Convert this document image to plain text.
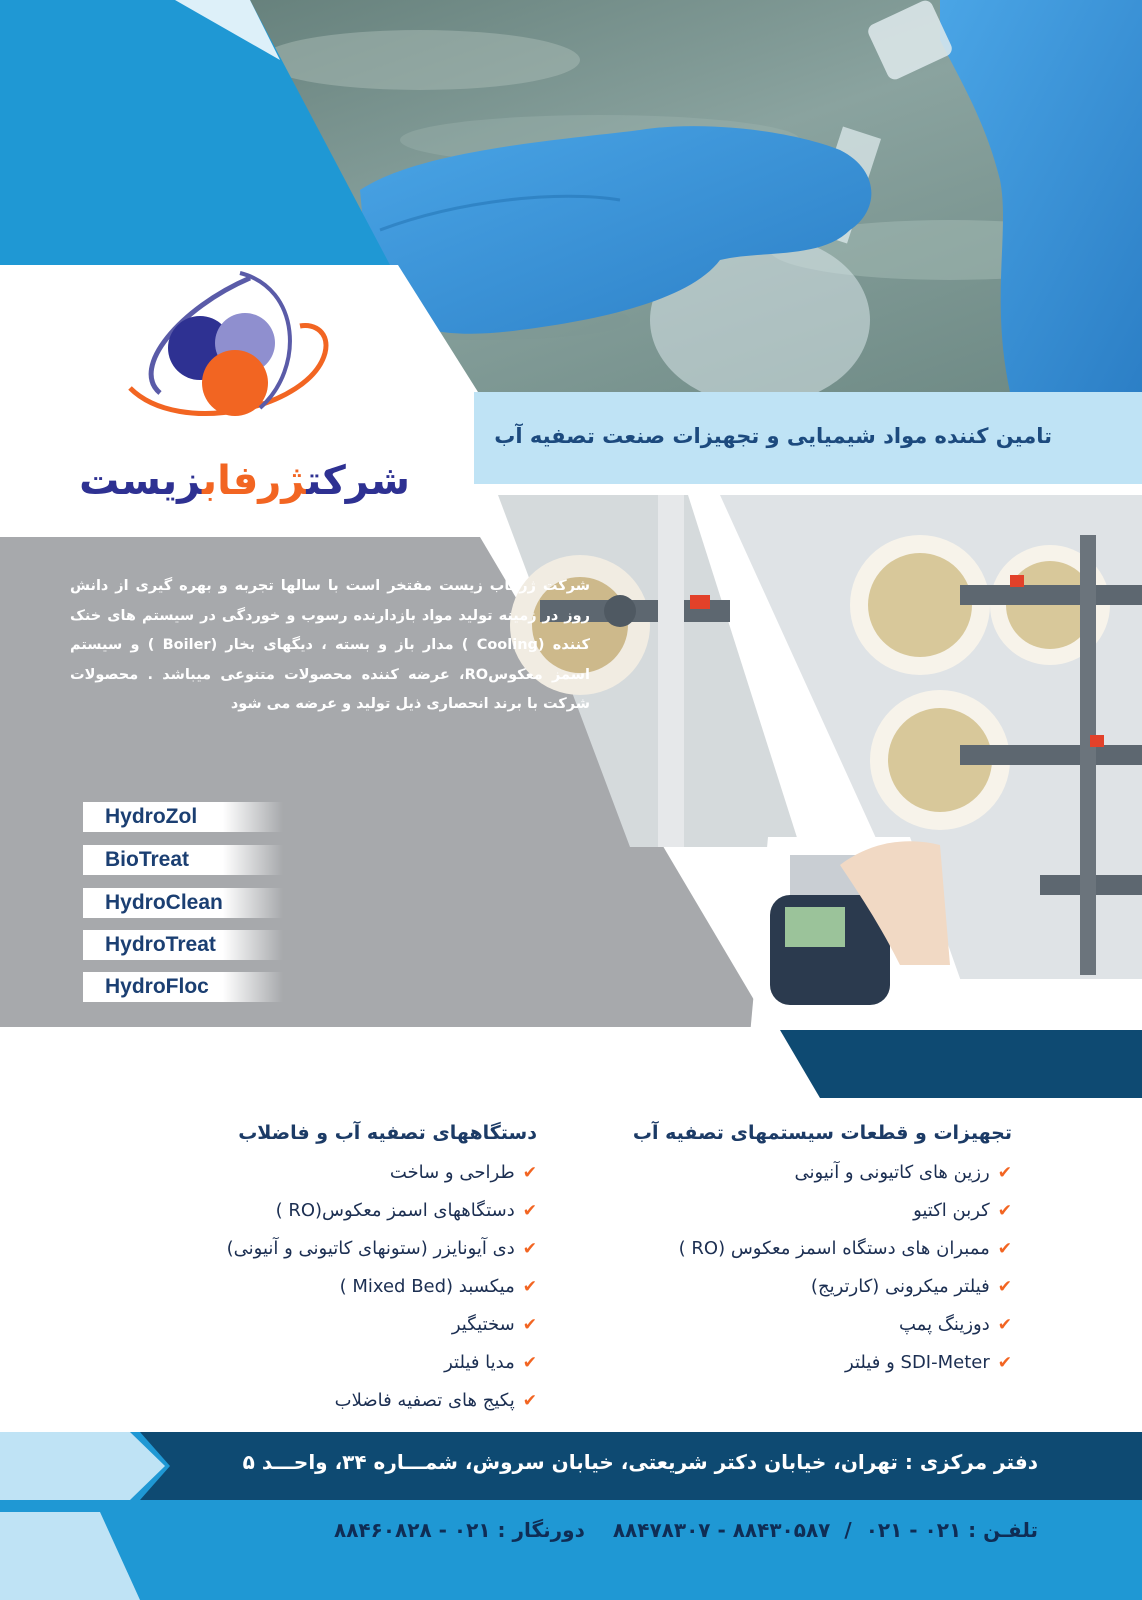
شرکتژرفابزیست
تامین کننده مواد شیمیایی و تجهیزات صنعت تصفیه آب
شرکت ژرفاب زیست مفتخر است با سالها تجربه و بهره گیری از دانش روز در زمینه تولید مواد بازدارنده رسوب و خوردگی در سیستم های خنک کننده (Cooling ) مدار باز و بسته ، دیگهای بخار (Boiler ) و سیستم اسمز معکوسRO، عرضه کننده محصولات متنوعی میباشد . محصولات شرکت با برند انحصاری ذیل تولید و عرضه می شود
HydroZol
BioTreat
HydroClean
HydroTreat
HydroFloc
تجهیزات و قطعات سیستمهای تصفیه آب
✔رزین های کاتیونی و آنیونی
✔کربن اکتیو
✔ممبران های دستگاه اسمز معکوس (RO )
✔فیلتر میکرونی (کارتریج)
✔دوزینگ پمپ
✔SDI-Meter و فیلتر
دستگاههای تصفیه آب و فاضلاب
✔طراحی و ساخت
✔دستگاههای اسمز معکوس(RO )
✔دی آیونایزر (ستونهای کاتیونی و آنیونی)
✔میکسبد (Mixed Bed )
✔سختیگیر
✔مدیا فیلتر
✔پکیج های تصفیه فاضلاب
دفتر مرکزی : تهران، خیابان دکتر شریعتی، خیابان سروش، شمـــاره ۳۴، واحـــد ۵
تلفـن : ۰۲۱ - ۸۸۴۳۰۵۸۷/۰۲۱ - ۸۸۴۷۸۳۰۷دورنگار : ۰۲۱ - ۸۸۴۶۰۸۲۸
